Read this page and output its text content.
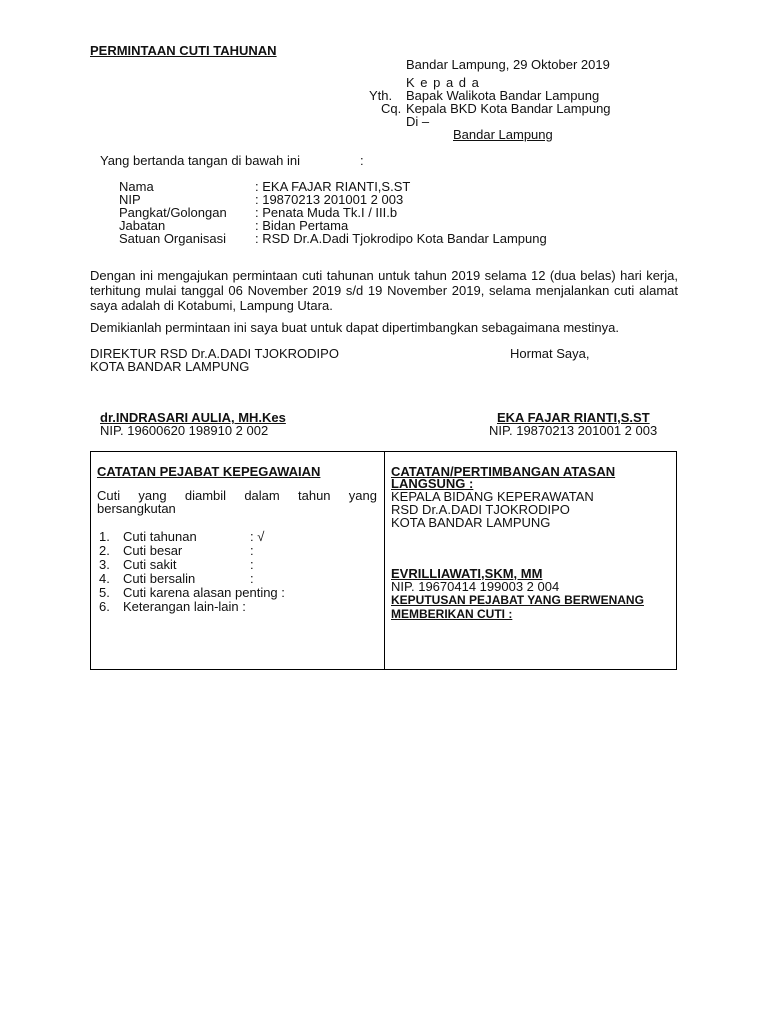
PERMINTAAN CUTI TAHUNAN
Bandar Lampung, 29 Oktober 2019
K e p a d a
Yth. Bapak Walikota Bandar Lampung
Cq. Kepala BKD Kota Bandar Lampung
Di –
Bandar Lampung
Yang bertanda tangan di bawah ini	:
Nama	: EKA FAJAR RIANTI,S.ST
NIP	: 19870213 201001 2 003
Pangkat/Golongan : Penata Muda Tk.I / III.b
Jabatan	: Bidan Pertama
Satuan Organisasi : RSD Dr.A.Dadi Tjokrodipo Kota Bandar Lampung
Dengan ini mengajukan permintaan cuti tahunan untuk tahun 2019 selama 12 (dua belas) hari kerja, terhitung mulai tanggal 06 November 2019 s/d 19 November 2019, selama menjalankan cuti alamat saya adalah di Kotabumi, Lampung Utara.
Demikianlah permintaan ini saya buat untuk dapat dipertimbangkan sebagaimana mestinya.
DIREKTUR RSD Dr.A.DADI TJOKRODIPO
KOTA BANDAR LAMPUNG
Hormat Saya,
dr.INDRASARI AULIA, MH.Kes
NIP. 19600620 198910 2 002
EKA FAJAR RIANTI,S.ST
NIP. 19870213 201001 2 003
CATATAN PEJABAT KEPEGAWAIAN
Cuti yang diambil dalam tahun yang bersangkutan
1. Cuti tahunan	: √
2. Cuti besar	:
3. Cuti sakit	:
4. Cuti bersalin	:
5. Cuti karena alasan penting :
6. Keterangan lain-lain :
CATATAN/PERTIMBANGAN ATASAN
LANGSUNG :
KEPALA BIDANG KEPERAWATAN
RSD Dr.A.DADI TJOKRODIPO
KOTA BANDAR LAMPUNG
EVRILLIAWATI,SKM, MM
NIP. 19670414 199003 2 004
KEPUTUSAN PEJABAT YANG BERWENANG
MEMBERIKAN CUTI :
